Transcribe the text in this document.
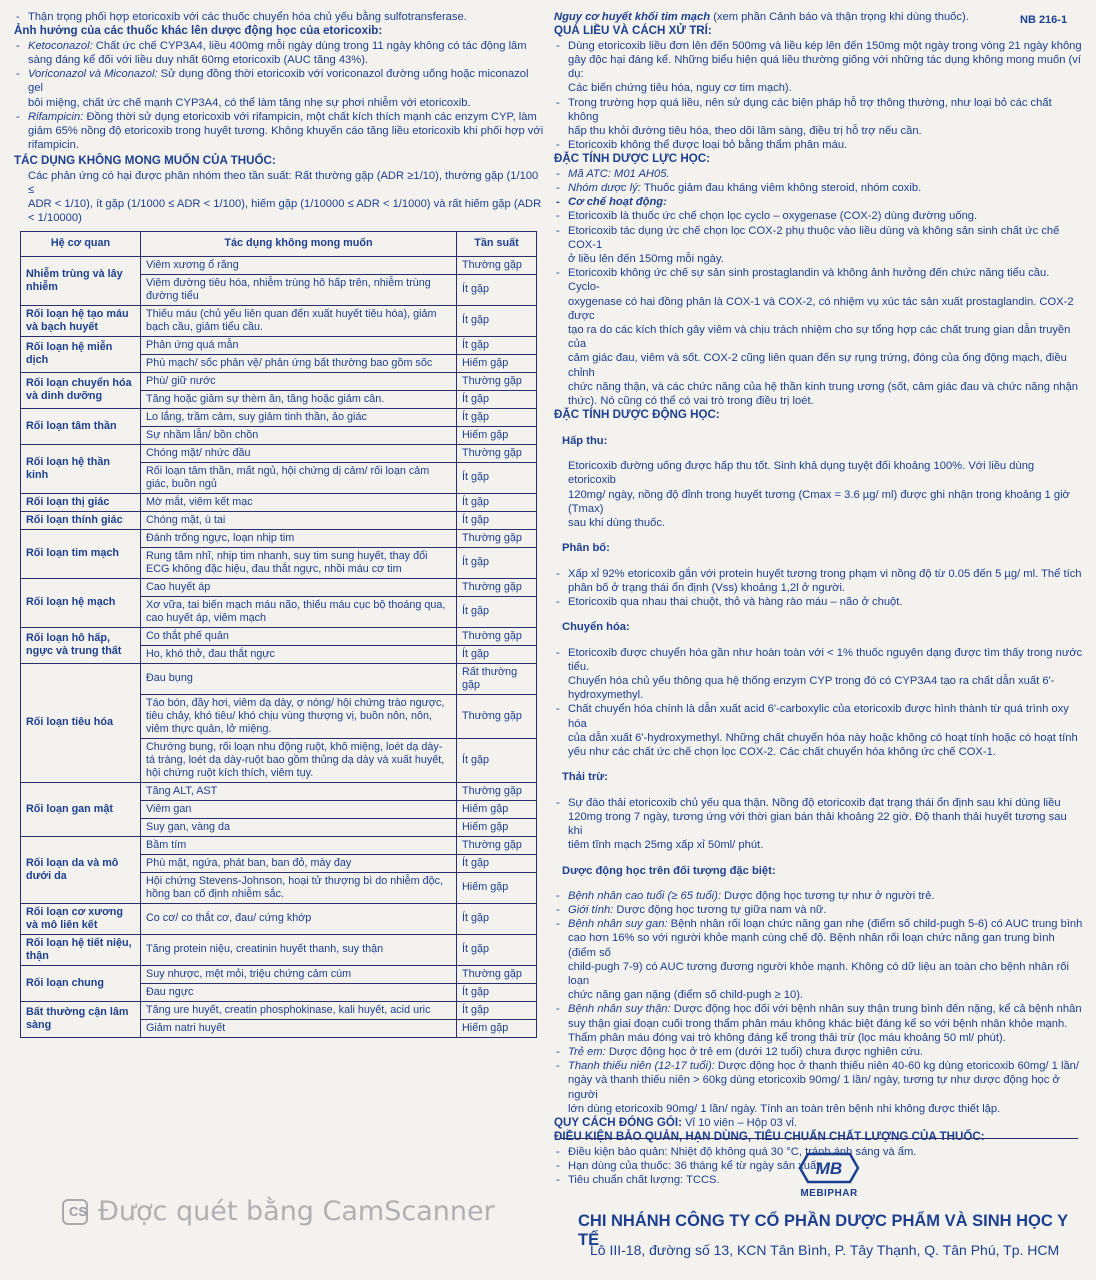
NB 216-1

- Thận trọng phối hợp etoricoxib với các thuốc chuyển hóa chủ yếu bằng sulfotransferase.

Ảnh hưởng của các thuốc khác lên dược động học của etoricoxib:

- Ketoconazol: Chất ức chế CYP3A4, liều 400mg mỗi ngày dùng trong 11 ngày không có tác động lâm

sàng đáng kể đối với liều duy nhất 60mg etoricoxib (AUC tăng 43%).

- Voriconazol và Miconazol: Sử dụng đồng thời etoricoxib với voriconazol đường uống hoặc miconazol gel

bôi miệng, chất ức chế mạnh CYP3A4, có thể làm tăng nhẹ sự phơi nhiễm với etoricoxib.

- Rifampicin: Đồng thời sử dụng etoricoxib với rifampicin, một chất kích thích mạnh các enzym CYP, làm

giảm 65% nồng độ etoricoxib trong huyết tương. Không khuyến cáo tăng liều etoricoxib khi phối hợp với

rifampicin.

TÁC DỤNG KHÔNG MONG MUỐN CỦA THUỐC:

Các phản ứng có hại được phân nhóm theo tần suất: Rất thường gặp (ADR ≥1/10), thường gặp (1/100 ≤

ADR < 1/10), ít gặp (1/1000 ≤ ADR < 1/100), hiếm gặp (1/10000 ≤ ADR < 1/1000) và rất hiếm gặp (ADR

< 1/10000)

Hệ cơ quan	Tác dụng không mong muốn	Tần suất
Nhiễm trùng và lây nhiễm	Viêm xương ổ răng	Thường gặp
	Viêm đường tiêu hóa, nhiễm trùng hô hấp trên, nhiễm trùng đường tiểu	Ít gặp
Rối loạn hệ tạo máu và bạch huyết	Thiếu máu (chủ yếu liên quan đến xuất huyết tiêu hóa), giảm bạch cầu, giảm tiểu cầu.	Ít gặp
Rối loạn hệ miễn dịch	Phản ứng quá mẫn	Ít gặp
	Phù mạch/ sốc phản vệ/ phản ứng bất thường bao gồm sốc	Hiếm gặp
Rối loạn chuyển hóa và dinh dưỡng	Phù/ giữ nước	Thường gặp
	Tăng hoặc giảm sự thèm ăn, tăng hoặc giảm cân.	Ít gặp
Rối loạn tâm thần	Lo lắng, trầm cảm, suy giảm tinh thần, ảo giác	Ít gặp
	Sự nhầm lẫn/ bồn chồn	Hiếm gặp
Rối loạn hệ thần kinh	Chóng mặt/ nhức đầu	Thường gặp
	Rối loạn tâm thần, mất ngủ, hội chứng dị cảm/ rối loạn cảm giác, buồn ngủ	Ít gặp
Rối loạn thị giác	Mờ mắt, viêm kết mạc	Ít gặp
Rối loạn thính giác	Chóng mặt, ù tai	Ít gặp
Rối loạn tim mạch	Đánh trống ngực, loạn nhịp tim	Thường gặp
	Rung tâm nhĩ, nhịp tim nhanh, suy tim sung huyết, thay đổi ECG không đặc hiệu, đau thắt ngực, nhồi máu cơ tim	Ít gặp
Rối loạn hệ mạch	Cao huyết áp	Thường gặp
	Xơ vữa, tai biến mạch máu não, thiếu máu cục bộ thoáng qua, cao huyết áp, viêm mạch	Ít gặp
Rối loạn hô hấp, ngực và trung thất	Co thắt phế quản	Thường gặp
	Ho, khó thở, đau thắt ngực	Ít gặp
Rối loạn tiêu hóa	Đau bụng	Rất thường gặp
	Táo bón, đầy hơi, viêm dạ dày, ợ nóng/ hội chứng trào ngược, tiêu chảy, khó tiêu/ khó chịu vùng thượng vị, buồn nôn, nôn, viêm thực quản, lở miệng.	Thường gặp
	Chướng bụng, rối loạn nhu động ruột, khô miệng, loét dạ dày-tá tràng, loét dạ dày-ruột bao gồm thủng dạ dày và xuất huyết, hội chứng ruột kích thích, viêm tụy.	Ít gặp
Rối loạn gan mật	Tăng ALT, AST	Thường gặp
	Viêm gan	Hiếm gặp
	Suy gan, vàng da	Hiếm gặp
Rối loạn da và mô dưới da	Bầm tím	Thường gặp
	Phù mặt, ngứa, phát ban, ban đỏ, mày đay	Ít gặp
	Hội chứng Stevens-Johnson, hoại tử thượng bì do nhiễm độc, hồng ban cố định nhiễm sắc.	Hiếm gặp
Rối loạn cơ xương và mô liên kết	Co cơ/ co thắt cơ, đau/ cứng khớp	Ít gặp
Rối loạn hệ tiết niệu, thận	Tăng protein niệu, creatinin huyết thanh, suy thận	Ít gặp
Rối loạn chung	Suy nhược, mệt mỏi, triệu chứng cảm cúm	Thường gặp
	Đau ngực	Ít gặp
Bất thường cận lâm sàng	Tăng ure huyết, creatin phosphokinase, kali huyết, acid uric	Ít gặp
	Giảm natri huyết	Hiếm gặp

Nguy cơ huyết khối tim mạch (xem phần Cảnh báo và thận trọng khi dùng thuốc).

QUÁ LIỀU VÀ CÁCH XỬ TRÍ:

- Dùng etoricoxib liều đơn lên đến 500mg và liều kép lên đến 150mg một ngày trong vòng 21 ngày không

gây độc hại đáng kể. Những biểu hiện quá liều thường giống với những tác dụng không mong muốn (ví dụ:

Các biến chứng tiêu hóa, nguy cơ tim mạch).

- Trong trường hợp quá liều, nên sử dụng các biện pháp hỗ trợ thông thường, như loại bỏ các chất không

hấp thu khỏi đường tiêu hóa, theo dõi lâm sàng, điều trị hỗ trợ nếu cần.

- Etoricoxib không thể được loại bỏ bằng thẩm phân máu.

ĐẶC TÍNH DƯỢC LỰC HỌC:

- Mã ATC: M01 AH05.

- Nhóm dược lý: Thuốc giảm đau kháng viêm không steroid, nhóm coxib.

- Cơ chế hoạt động:

- Etoricoxib là thuốc ức chế chọn lọc cyclo – oxygenase (COX-2) dùng đường uống.

- Etoricoxib tác dụng ức chế chọn lọc COX-2 phụ thuộc vào liều dùng và không sản sinh chất ức chế COX-1

ở liều lên đến 150mg mỗi ngày.

- Etoricoxib không ức chế sự sản sinh prostaglandin và không ảnh hưởng đến chức năng tiểu cầu. Cyclo-

oxygenase có hai đồng phân là COX-1 và COX-2, có nhiệm vụ xúc tác sản xuất prostaglandin. COX-2 được

tạo ra do các kích thích gây viêm và chịu trách nhiệm cho sự tổng hợp các chất trung gian dẫn truyền của

cảm giác đau, viêm và sốt. COX-2 cũng liên quan đến sự rụng trứng, đóng của ống động mạch, điều chỉnh

chức năng thận, và các chức năng của hệ thần kinh trung ương (sốt, cảm giác đau và chức năng nhận

thức). Nó cũng có thể có vai trò trong điều trị loét.

ĐẶC TÍNH DƯỢC ĐỘNG HỌC:

Hấp thu:

Etoricoxib đường uống được hấp thu tốt. Sinh khả dụng tuyệt đối khoảng 100%. Với liều dùng etoricoxib

120mg/ ngày, nồng độ đỉnh trong huyết tương (Cmax = 3.6 µg/ ml) được ghi nhận trong khoảng 1 giờ (Tmax)

sau khi dùng thuốc.

Phân bố:

- Xấp xỉ 92% etoricoxib gắn với protein huyết tương trong phạm vi nồng độ từ 0.05 đến 5 µg/ ml. Thể tích

phân bố ở trạng thái ổn định (Vss) khoảng 1,2l ở người.

- Etoricoxib qua nhau thai chuột, thỏ và hàng rào máu – não ở chuột.

Chuyển hóa:

- Etoricoxib được chuyển hóa gần như hoàn toàn với < 1% thuốc nguyên dạng được tìm thấy trong nước tiểu.

Chuyển hóa chủ yếu thông qua hệ thống enzym CYP trong đó có CYP3A4 tạo ra chất dẫn xuất 6'-

hydroxymethyl.

- Chất chuyển hóa chính là dẫn xuất acid 6'-carboxylic của etoricoxib được hình thành từ quá trình oxy hóa

của dẫn xuất 6'-hydroxymethyl. Những chất chuyển hóa này hoặc không có hoạt tính hoặc có hoạt tính

yếu như các chất ức chế chọn lọc COX-2. Các chất chuyển hóa không ức chế COX-1.

Thải trừ:

- Sự đào thải etoricoxib chủ yếu qua thận. Nồng độ etoricoxib đạt trạng thái ổn định sau khi dùng liều

120mg trong 7 ngày, tương ứng với thời gian bán thải khoảng 22 giờ. Độ thanh thải huyết tương sau khi

tiêm tĩnh mạch 25mg xấp xỉ 50ml/ phút.

Dược động học trên đối tượng đặc biệt:

- Bệnh nhân cao tuổi (≥ 65 tuổi): Dược động học tương tự như ở người trẻ.

- Giới tính: Dược động học tương tự giữa nam và nữ.

- Bệnh nhân suy gan: Bệnh nhân rối loạn chức năng gan nhẹ (điểm số child-pugh 5-6) có AUC trung bình

cao hơn 16% so với người khỏe mạnh cùng chế độ. Bệnh nhân rối loạn chức năng gan trung bình (điểm số

child-pugh 7-9) có AUC tương đương người khỏe mạnh. Không có dữ liệu an toàn cho bệnh nhân rối loạn

chức năng gan nặng (điểm số child-pugh ≥ 10).

- Bệnh nhân suy thận: Dược động học đối với bệnh nhân suy thận trung bình đến nặng, kể cả bệnh nhân

suy thận giai đoạn cuối trong thẩm phân máu không khác biệt đáng kể so với bệnh nhân khỏe mạnh.

Thẩm phân máu đóng vai trò không đáng kể trong thải trừ (lọc máu khoảng 50 ml/ phút).

- Trẻ em: Dược động học ở trẻ em (dưới 12 tuổi) chưa được nghiên cứu.

- Thanh thiếu niên (12-17 tuổi): Dược động học ở thanh thiếu niên 40-60 kg dùng etoricoxib 60mg/ 1 lần/

ngày và thanh thiếu niên > 60kg dùng etoricoxib 90mg/ 1 lần/ ngày, tương tự như dược động học ở người

lớn dùng etoricoxib 90mg/ 1 lần/ ngày. Tính an toàn trên bệnh nhi không được thiết lập.

QUY CÁCH ĐÓNG GÓI: Vỉ 10 viên – Hộp 03 vỉ.

ĐIỀU KIỆN BẢO QUẢN, HẠN DÙNG, TIÊU CHUẨN CHẤT LƯỢNG CỦA THUỐC:

- Điều kiện bảo quản: Nhiệt độ không quá 30 °C, tránh ánh sáng và ẩm.

- Hạn dùng của thuốc: 36 tháng kể từ ngày sản xuất.

- Tiêu chuẩn chất lượng: TCCS.

MB
MEBIPHAR
CHI NHÁNH CÔNG TY CỔ PHẦN DƯỢC PHẨM VÀ SINH HỌC Y TẾ
Lô III-18, đường số 13, KCN Tân Bình, P. Tây Thạnh, Q. Tân Phú, Tp. HCM
CS Được quét bằng CamScanner
